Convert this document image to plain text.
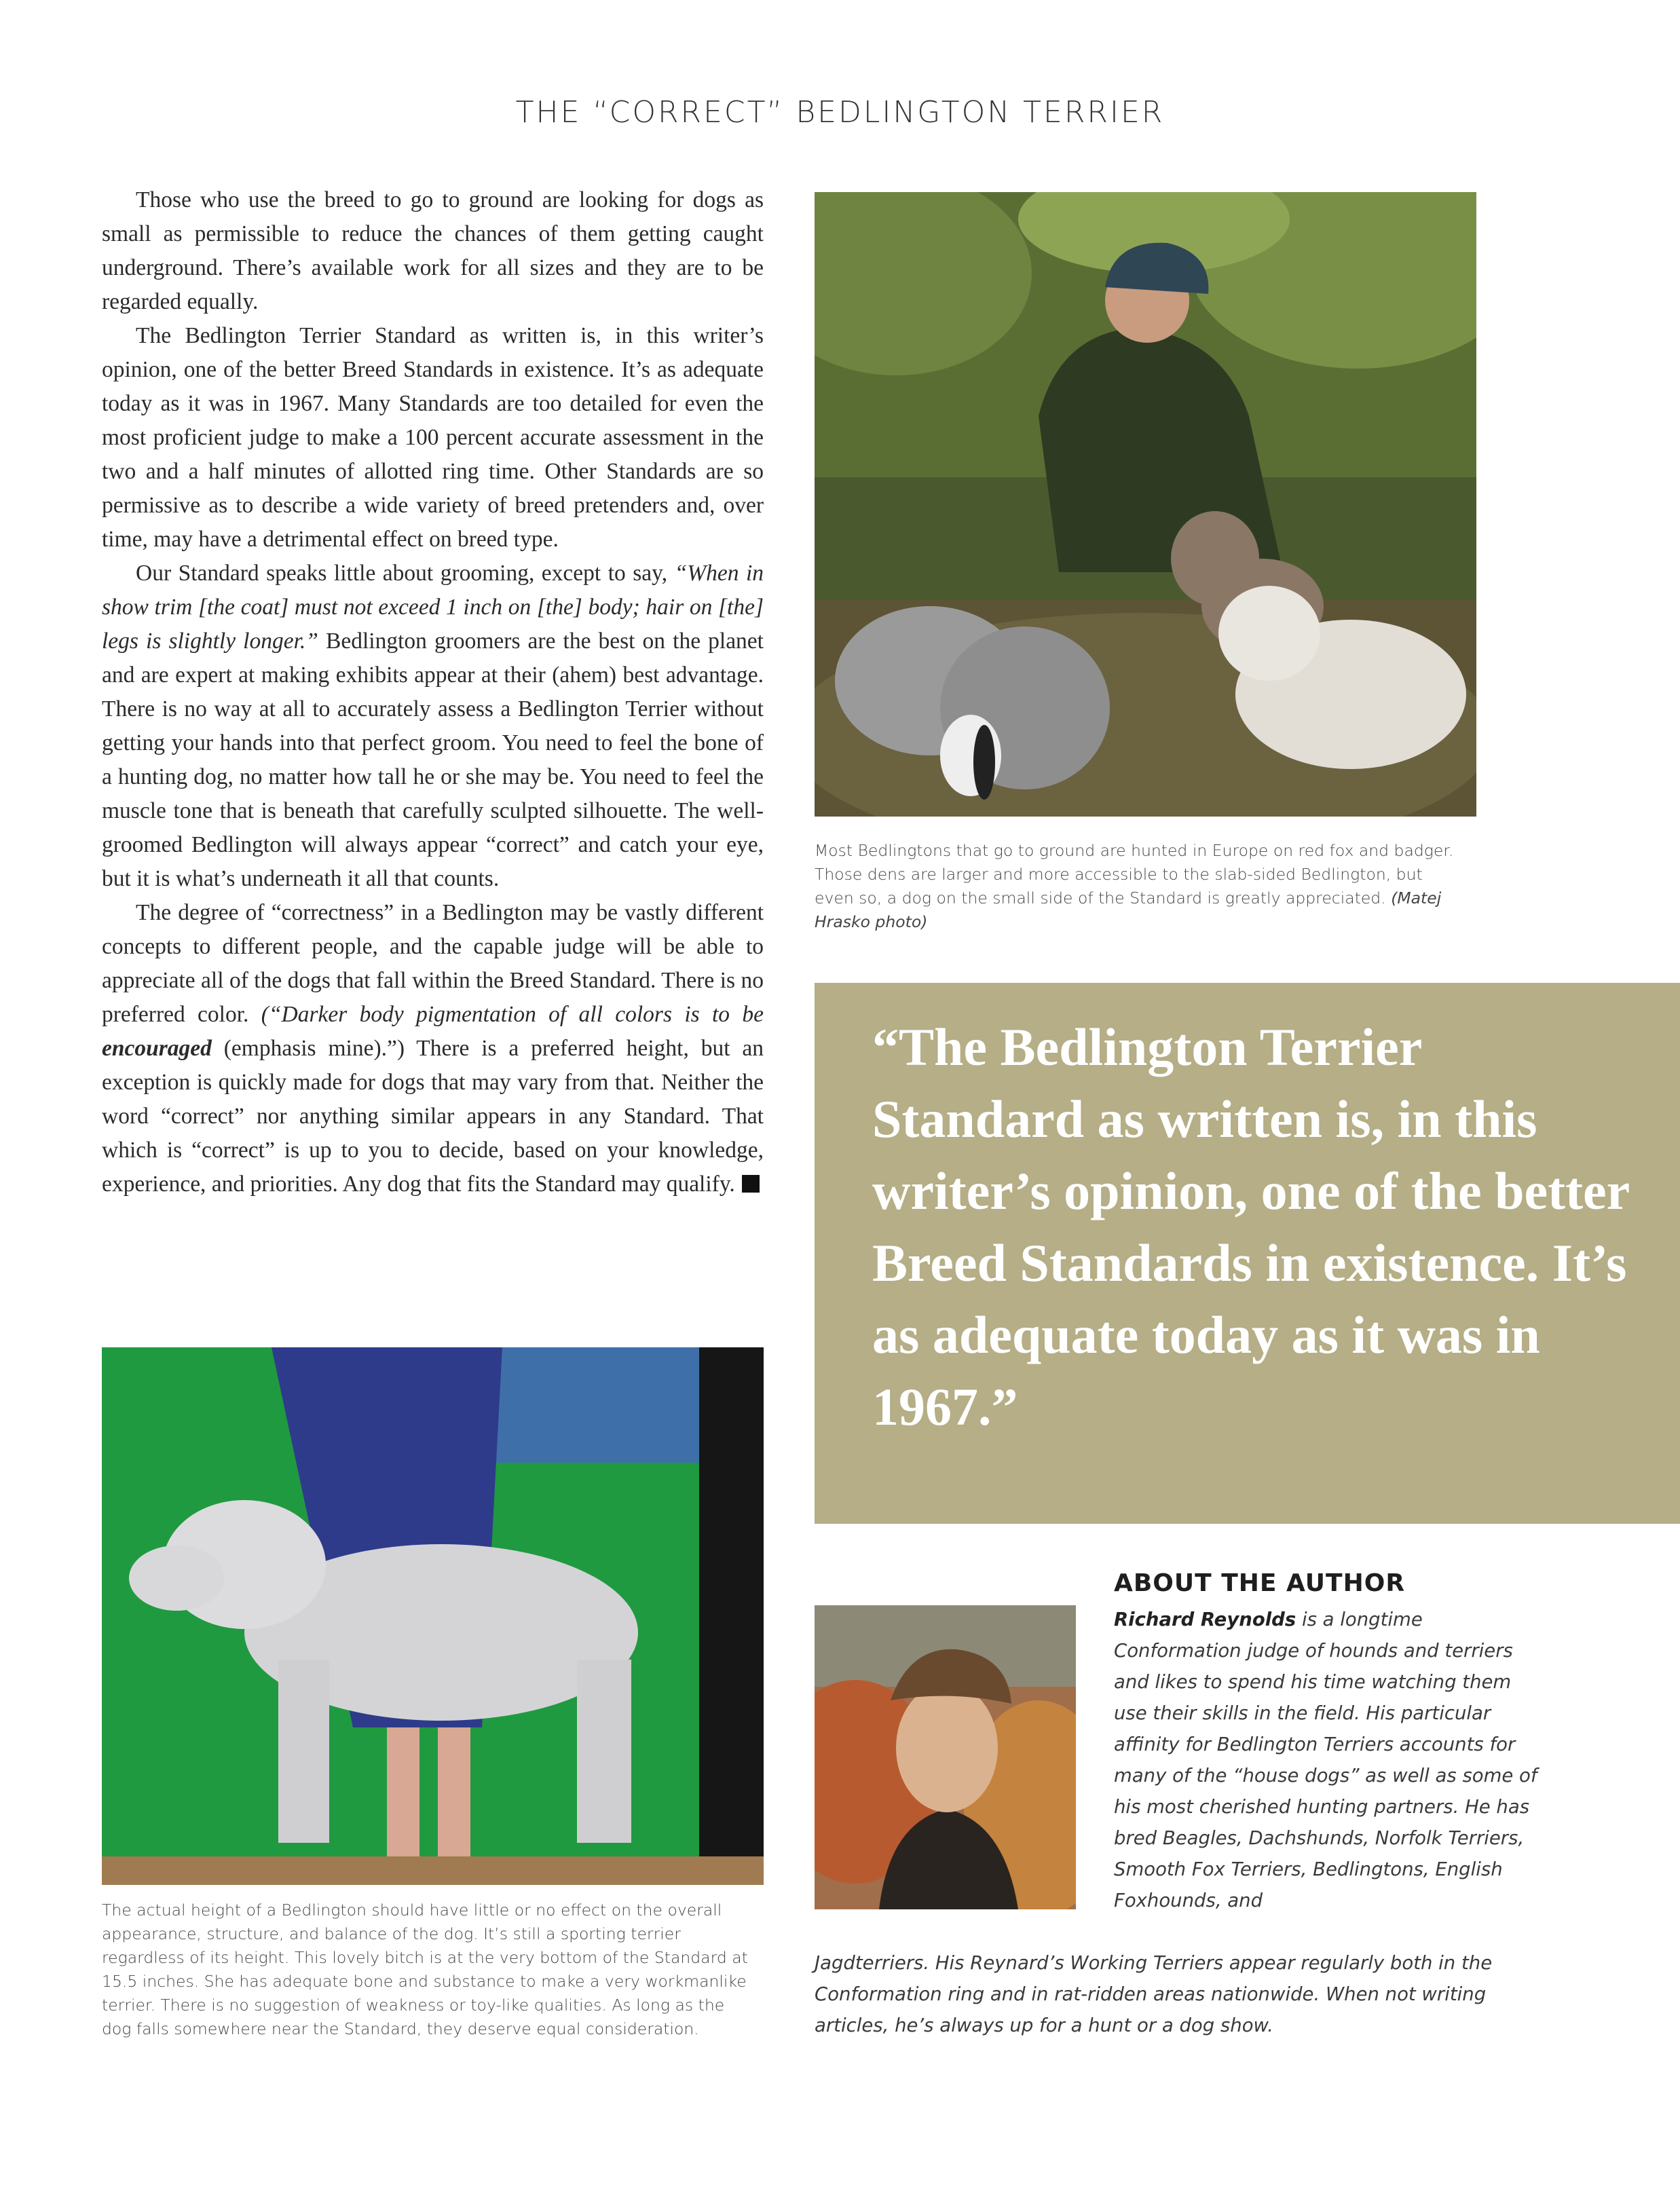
THE “CORRECT” BEDLINGTON TERRIER

Those who use the breed to go to ground are looking for dogs as small as permissible to reduce the chances of them getting caught underground. There’s available work for all sizes and they are to be regarded equally.

The Bedlington Terrier Standard as written is, in this writer’s opinion, one of the better Breed Standards in existence. It’s as adequate today as it was in 1967. Many Standards are too detailed for even the most proficient judge to make a 100 percent accurate assessment in the two and a half minutes of allotted ring time. Other Standards are so permissive as to describe a wide variety of breed pretenders and, over time, may have a detrimental effect on breed type.

Our Standard speaks little about grooming, except to say, “When in show trim [the coat] must not exceed 1 inch on [the] body; hair on [the] legs is slightly longer.” Bedlington groomers are the best on the planet and are expert at making exhibits appear at their (ahem) best advantage. There is no way at all to accurately assess a Bedlington Terrier without getting your hands into that perfect groom. You need to feel the bone of a hunting dog, no matter how tall he or she may be. You need to feel the muscle tone that is beneath that carefully sculpted silhouette. The well-groomed Bedlington will always appear “correct” and catch your eye, but it is what’s underneath it all that counts.

The degree of “correctness” in a Bedlington may be vastly different concepts to different people, and the capable judge will be able to appreciate all of the dogs that fall within the Breed Standard. There is no preferred color. (“Darker body pigmentation of all colors is to be encouraged (emphasis mine).”) There is a preferred height, but an exception is quickly made for dogs that may vary from that. Neither the word “correct” nor anything similar appears in any Standard. That which is “correct” is up to you to decide, based on your knowledge, experience, and priorities. Any dog that fits the Standard may qualify.

Most Bedlingtons that go to ground are hunted in Europe on red fox and badger. Those dens are larger and more accessible to the slab-sided Bedlington, but even so, a dog on the small side of the Standard is greatly appreciated. (Matej Hrasko photo)
“The Bedlington Terrier Standard as written is, in this writer’s opinion, one of the better Breed Standards in existence. It’s as adequate today as it was in 1967.”
The actual height of a Bedlington should have little or no effect on the overall appearance, structure, and balance of the dog. It’s still a sporting terrier regardless of its height. This lovely bitch is at the very bottom of the Standard at 15.5 inches. She has adequate bone and substance to make a very workmanlike terrier. There is no suggestion of weakness or toy-like qualities. As long as the dog falls somewhere near the Standard, they deserve equal consideration.
ABOUT THE AUTHOR
Richard Reynolds is a longtime Conformation judge of hounds and terriers and likes to spend his time watching them use their skills in the field. His particular affinity for Bedlington Terriers accounts for many of the “house dogs” as well as some of his most cherished hunting partners. He has bred Beagles, Dachshunds, Norfolk Terriers, Smooth Fox Terriers, Bedlingtons, English Foxhounds, and
Jagdterriers. His Reynard’s Working Terriers appear regularly both in the Conformation ring and in rat-ridden areas nationwide. When not writing articles, he’s always up for a hunt or a dog show.
